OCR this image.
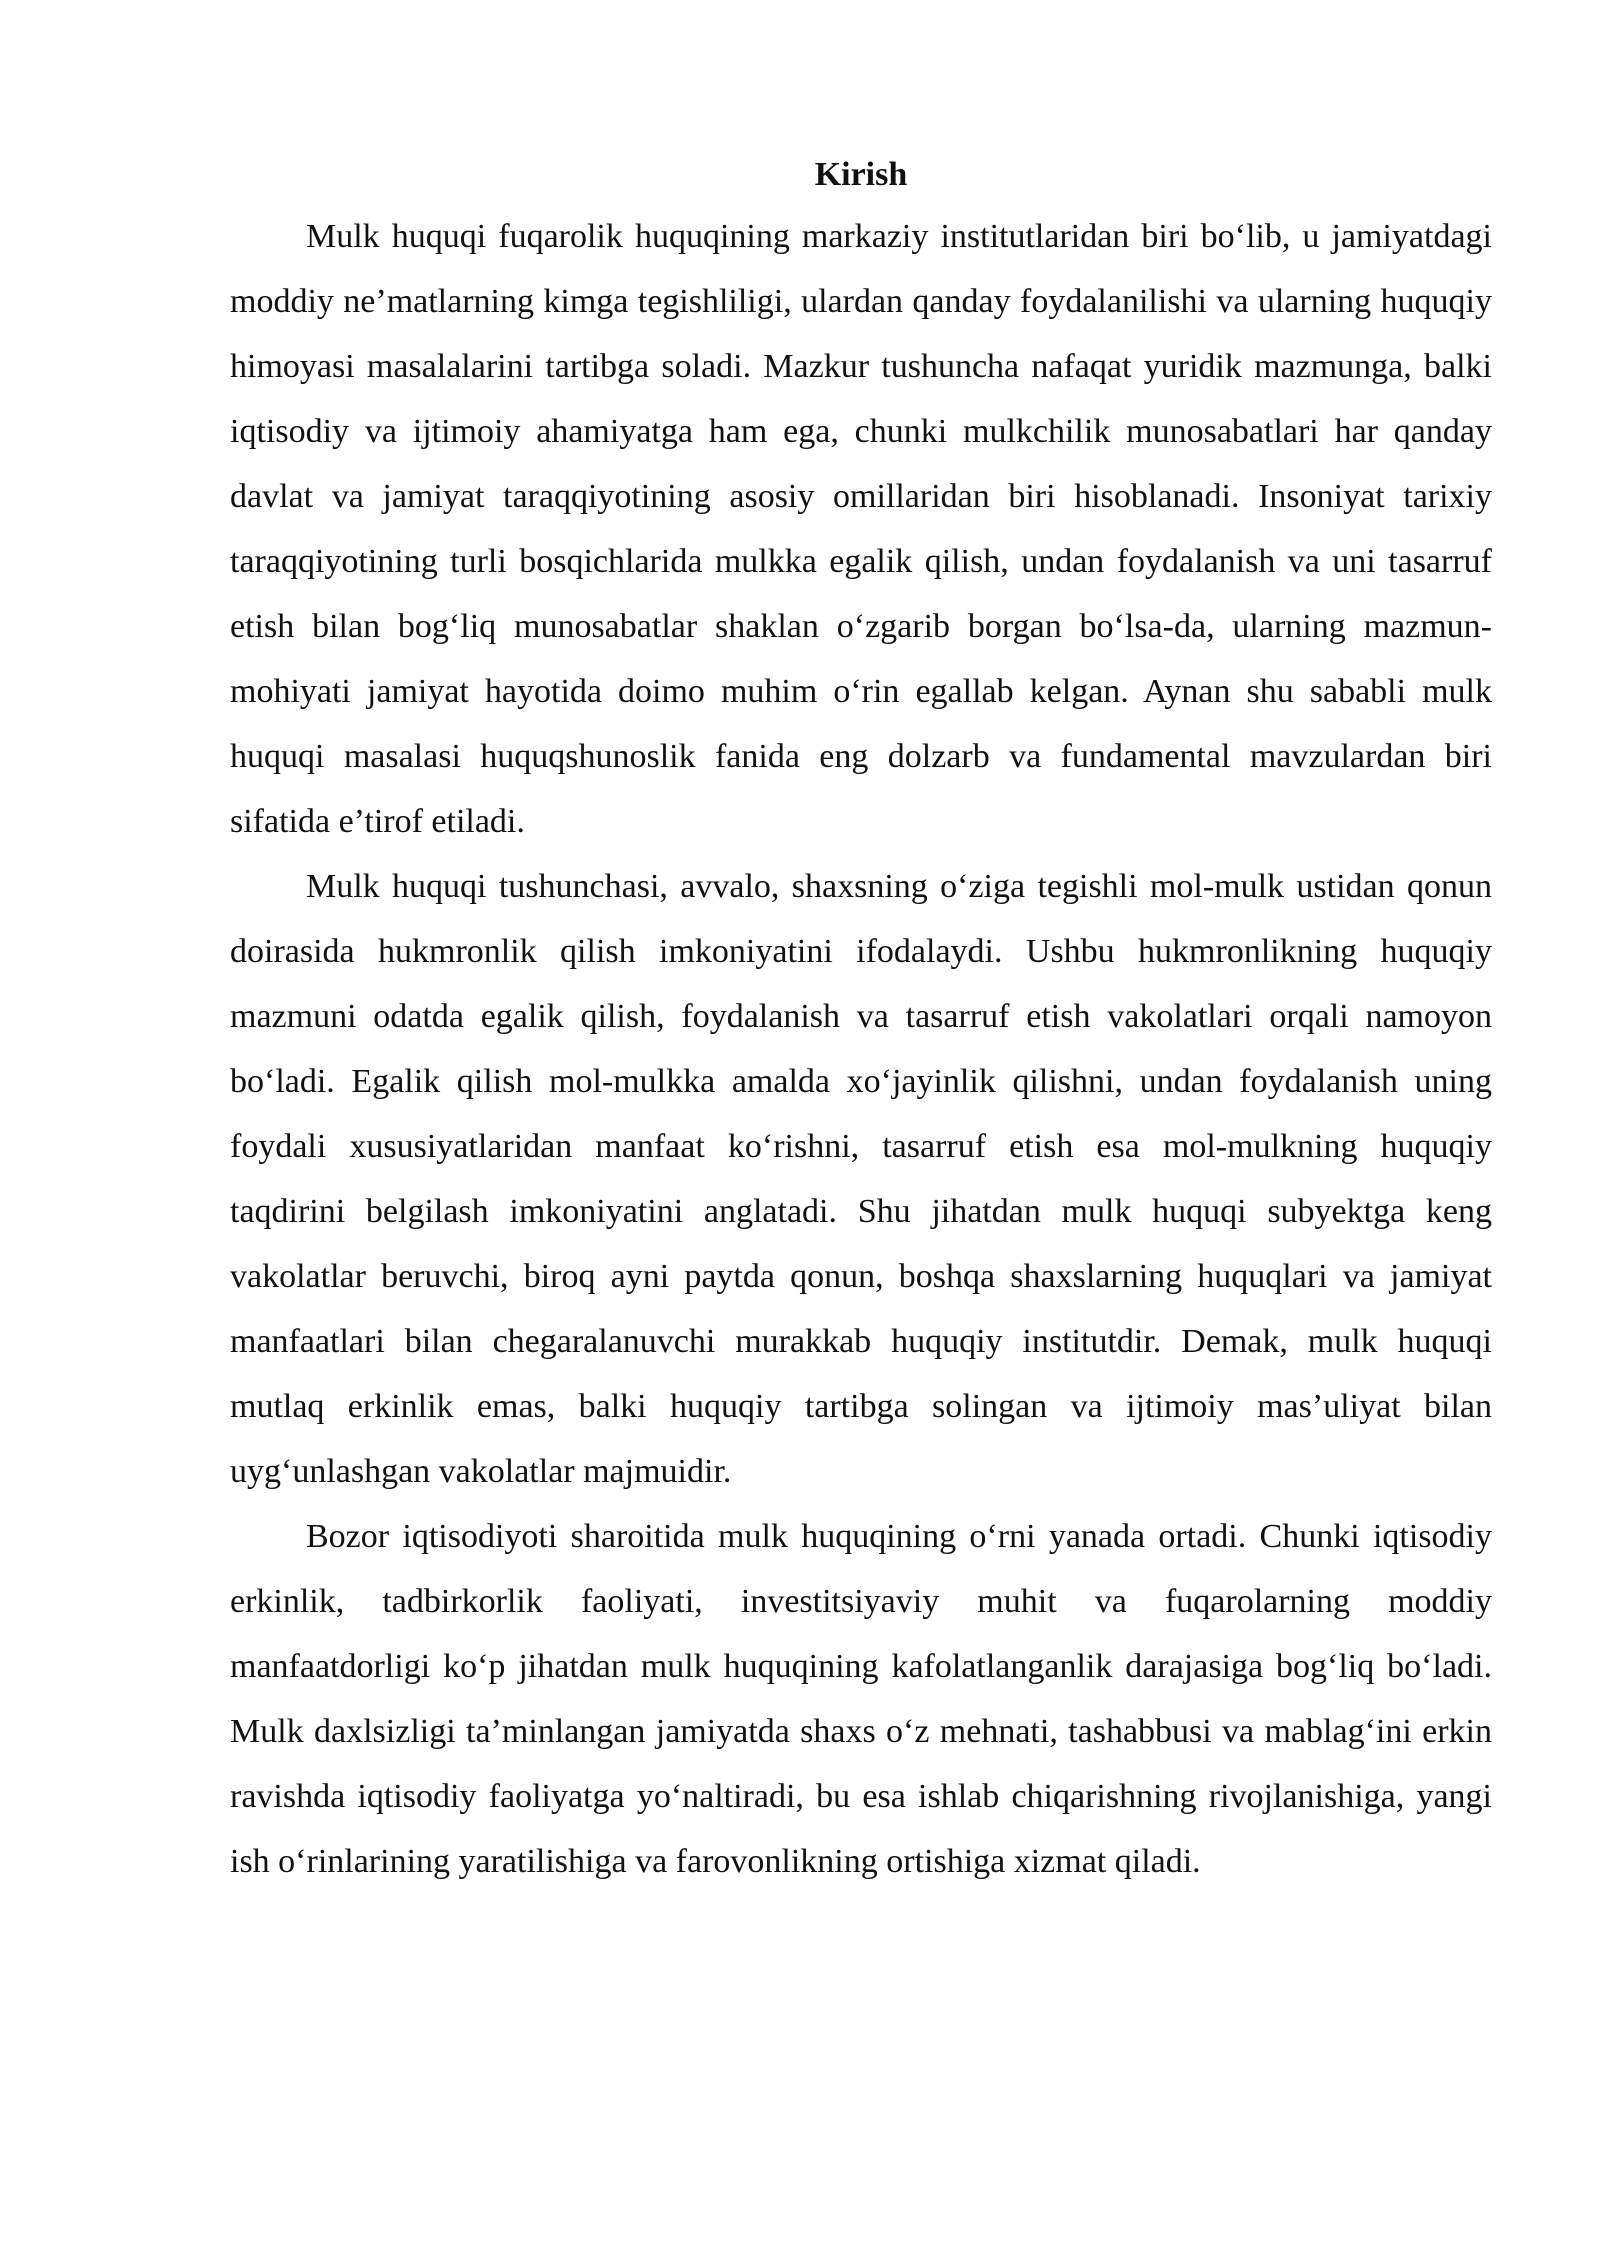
Kirish

Mulk huquqi fuqarolik huquqining markaziy institutlaridan biri bo‘lib, u jamiyatdagi moddiy ne’matlarning kimga tegishliligi, ulardan qanday foydalanilishi va ularning huquqiy himoyasi masalalarini tartibga soladi. Mazkur tushuncha nafaqat yuridik mazmunga, balki iqtisodiy va ijtimoiy ahamiyatga ham ega, chunki mulkchilik munosabatlari har qanday davlat va jamiyat taraqqiyotining asosiy omillaridan biri hisoblanadi. Insoniyat tarixiy taraqqiyotining turli bosqichlarida mulkka egalik qilish, undan foydalanish va uni tasarruf etish bilan bog‘liq munosabatlar shaklan o‘zgarib borgan bo‘lsa-da, ularning mazmun-mohiyati jamiyat hayotida doimo muhim o‘rin egallab kelgan. Aynan shu sababli mulk huquqi masalasi huquqshunoslik fanida eng dolzarb va fundamental mavzulardan biri sifatida e’tirof etiladi.

Mulk huquqi tushunchasi, avvalo, shaxsning o‘ziga tegishli mol-mulk ustidan qonun doirasida hukmronlik qilish imkoniyatini ifodalaydi. Ushbu hukmronlikning huquqiy mazmuni odatda egalik qilish, foydalanish va tasarruf etish vakolatlari orqali namoyon bo‘ladi. Egalik qilish mol-mulkka amalda xo‘jayinlik qilishni, undan foydalanish uning foydali xususiyatlaridan manfaat ko‘rishni, tasarruf etish esa mol-mulkning huquqiy taqdirini belgilash imkoniyatini anglatadi. Shu jihatdan mulk huquqi subyektga keng vakolatlar beruvchi, biroq ayni paytda qonun, boshqa shaxslarning huquqlari va jamiyat manfaatlari bilan chegaralanuvchi murakkab huquqiy institutdir. Demak, mulk huquqi mutlaq erkinlik emas, balki huquqiy tartibga solingan va ijtimoiy mas’uliyat bilan uyg‘unlashgan vakolatlar majmuidir.

Bozor iqtisodiyoti sharoitida mulk huquqining o‘rni yanada ortadi. Chunki iqtisodiy erkinlik, tadbirkorlik faoliyati, investitsiyaviy muhit va fuqarolarning moddiy manfaatdorligi ko‘p jihatdan mulk huquqining kafolatlanganlik darajasiga bog‘liq bo‘ladi. Mulk daxlsizligi ta’minlangan jamiyatda shaxs o‘z mehnati, tashabbusi va mablag‘ini erkin ravishda iqtisodiy faoliyatga yo‘naltiradi, bu esa ishlab chiqarishning rivojlanishiga, yangi ish o‘rinlarining yaratilishiga va farovonlikning ortishiga xizmat qiladi.
